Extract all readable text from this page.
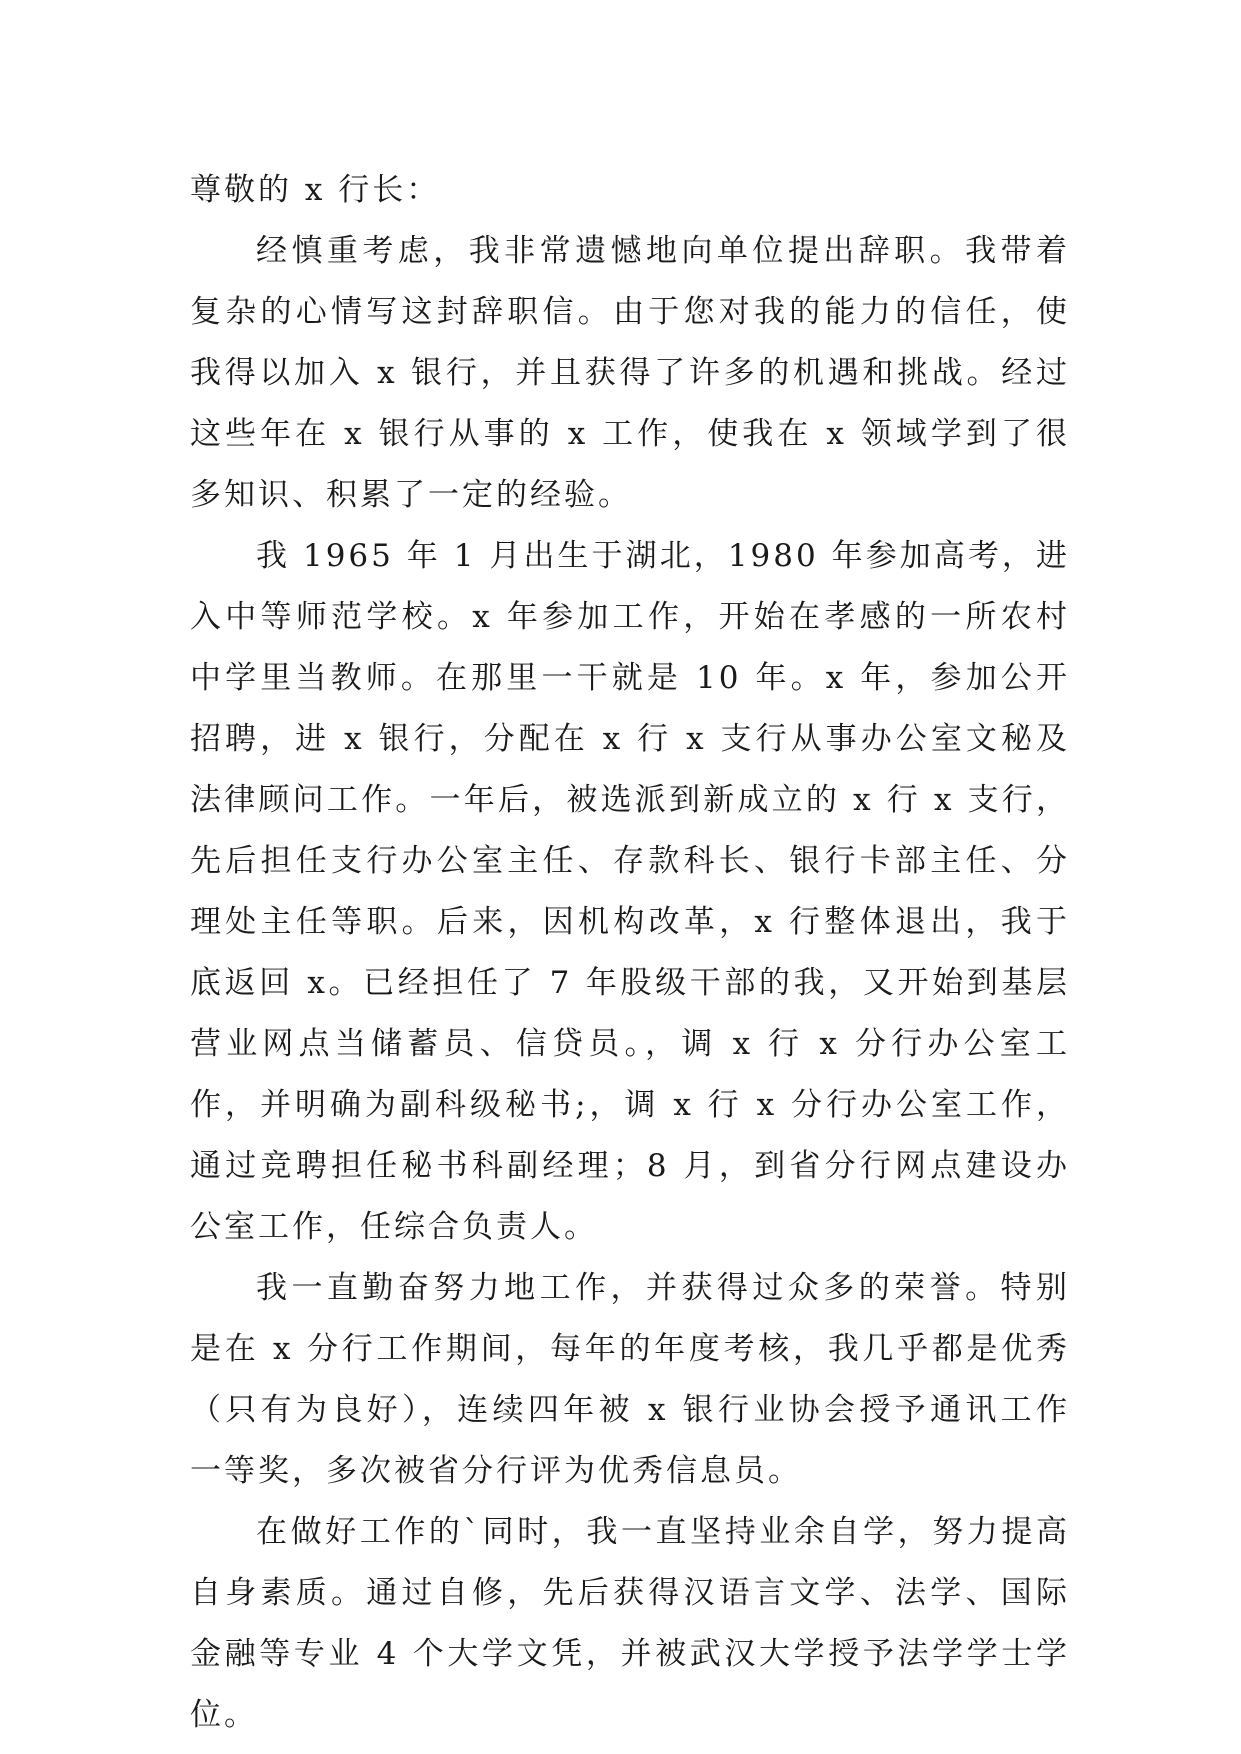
尊敬的 x 行长：

经慎重考虑，我非常遗憾地向单位提出辞职。我带着复杂的心情写这封辞职信。由于您对我的能力的信任，使我得以加入 x 银行，并且获得了许多的机遇和挑战。经过这些年在 x 银行从事的 x 工作，使我在 x 领域学到了很多知识、积累了一定的经验。

我 1965 年 1 月出生于湖北，1980 年参加高考，进入中等师范学校。x 年参加工作，开始在孝感的一所农村中学里当教师。在那里一干就是 10 年。x 年，参加公开招聘，进 x 银行，分配在 x 行 x 支行从事办公室文秘及法律顾问工作。一年后，被选派到新成立的 x 行 x 支行，先后担任支行办公室主任、存款科长、银行卡部主任、分理处主任等职。后来，因机构改革，x 行整体退出，我于底返回 x。已经担任了 7 年股级干部的我，又开始到基层营业网点当储蓄员、信贷员。，调 x 行 x 分行办公室工作，并明确为副科级秘书;，调 x 行 x 分行办公室工作，通过竞聘担任秘书科副经理；8 月，到省分行网点建设办公室工作，任综合负责人。

我一直勤奋努力地工作，并获得过众多的荣誉。特别是在 x 分行工作期间，每年的年度考核，我几乎都是优秀（只有为良好），连续四年被 x 银行业协会授予通讯工作一等奖，多次被省分行评为优秀信息员。

在做好工作的`同时，我一直坚持业余自学，努力提高自身素质。通过自修，先后获得汉语言文学、法学、国际金融等专业 4 个大学文凭，并被武汉大学授予法学学士学位。
